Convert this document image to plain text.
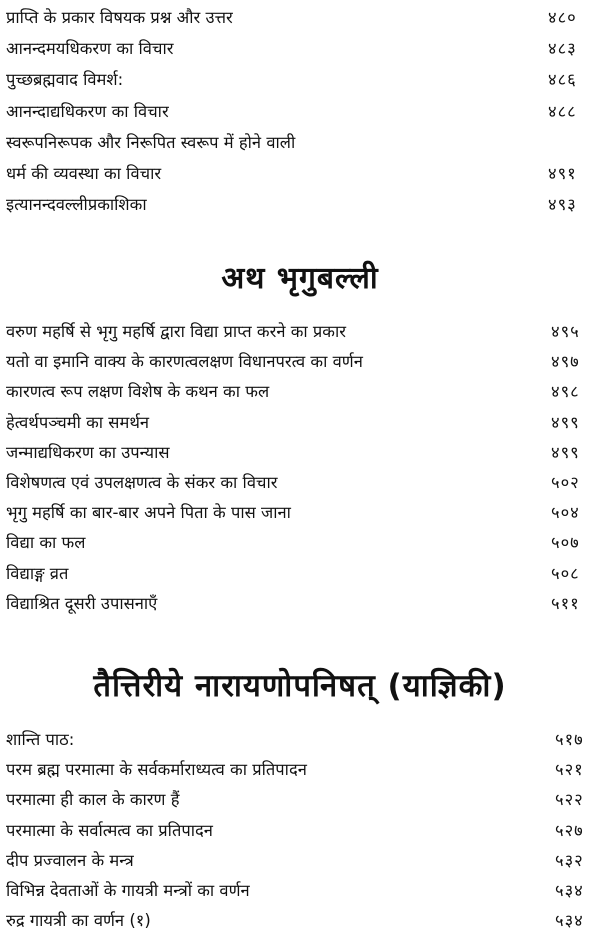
प्राप्ति के प्रकार विषयक प्रश्न और उत्तर	४८०
आनन्दमयधिकरण का विचार	४८३
पुच्छब्रह्मवाद विमर्श:	४८६
आनन्दाद्यधिकरण का विचार	४८८
स्वरूपनिरूपक और निरूपित स्वरूप में होने वाली
धर्म की व्यवस्था का विचार	४९१
इत्यानन्दवल्लीप्रकाशिका	४९३
अथ भृगुबल्ली
वरुण महर्षि से भृगु महर्षि द्वारा विद्या प्राप्त करने का प्रकार	४९५
यतो वा इमानि वाक्य के कारणत्वलक्षण विधानपरत्व का वर्णन	४९७
कारणत्व रूप लक्षण विशेष के कथन का फल	४९८
हेत्वर्थपञ्चमी का समर्थन	४९९
जन्माद्यधिकरण का उपन्यास	४९९
विशेषणत्व एवं उपलक्षणत्व के संकर का विचार	५०२
भृगु महर्षि का बार-बार अपने पिता के पास जाना	५०४
विद्या का फल	५०७
विद्याङ्ग व्रत	५०८
विद्याश्रित दूसरी उपासनाएँ	५११
तैत्तिरीये नारायणोपनिषत् (याज्ञिकी)
शान्ति पाठ:	५१७
परम ब्रह्म परमात्मा के सर्वकर्माराध्यत्व का प्रतिपादन	५२१
परमात्मा ही काल के कारण हैं	५२२
परमात्मा के सर्वात्मत्व का प्रतिपादन	५२७
दीप प्रज्वालन के मन्त्र	५३२
विभिन्न देवताओं के गायत्री मन्त्रों का वर्णन	५३४
रुद्र गायत्री का वर्णन (१)	५३४
